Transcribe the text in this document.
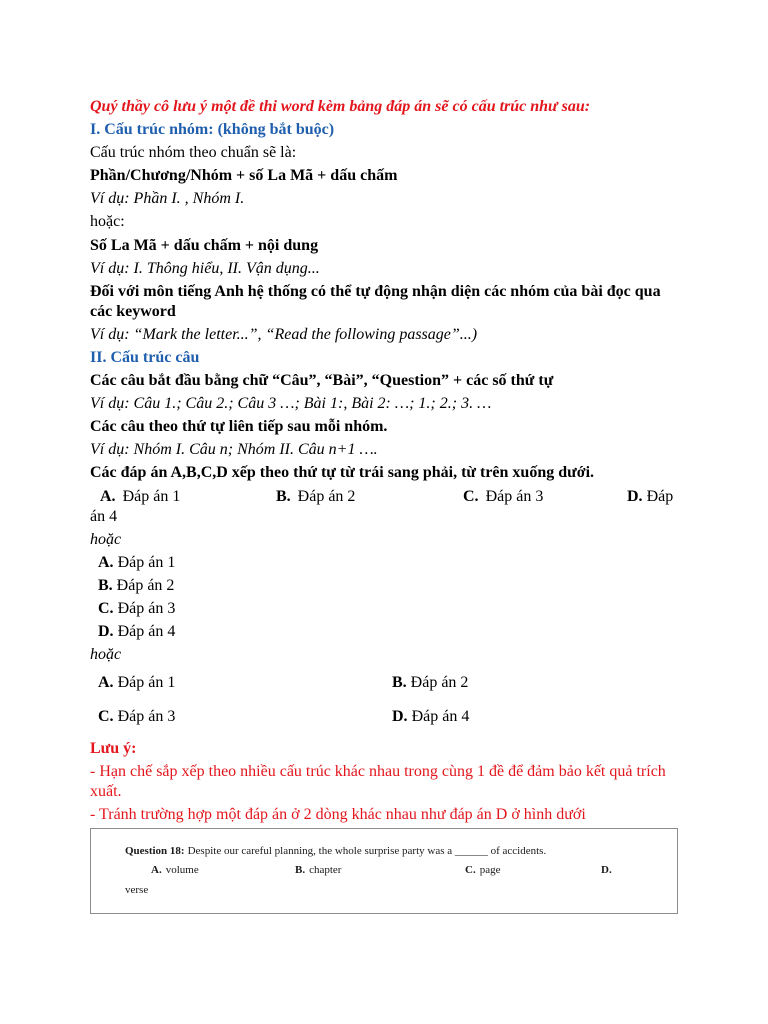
Quý thầy cô lưu ý một đề thi word kèm bảng đáp án sẽ có cấu trúc như sau:

I. Cấu trúc nhóm: (không bắt buộc)

Cấu trúc nhóm theo chuẩn sẽ là:

Phần/Chương/Nhóm + số La Mã + dấu chấm

Ví dụ: Phần I. , Nhóm I.

hoặc:

Số La Mã + dấu chấm + nội dung

Ví dụ: I. Thông hiểu, II. Vận dụng...

Đối với môn tiếng Anh hệ thống có thể tự động nhận diện các nhóm của bài đọc qua các keyword

Ví dụ: “Mark the letter...”, “Read the following passage”...)

II. Cấu trúc câu

Các câu bắt đầu bằng chữ “Câu”, “Bài”, “Question” + các số thứ tự

Ví dụ: Câu 1.; Câu 2.; Câu 3 …; Bài 1:, Bài 2: …; 1.; 2.; 3. …

Các câu theo thứ tự liên tiếp sau mỗi nhóm.

Ví dụ: Nhóm I. Câu n; Nhóm II. Câu n+1 ….

Các đáp án A,B,C,D xếp theo thứ tự từ trái sang phải, từ trên xuống dưới.

A. Đáp án 1	B. Đáp án 2	C. Đáp án 3	D. Đáp án 4

hoặc

A. Đáp án 1

B. Đáp án 2

C. Đáp án 3

D. Đáp án 4

hoặc

A. Đáp án 1	B. Đáp án 2
C. Đáp án 3	D. Đáp án 4

Lưu ý:

- Hạn chế sắp xếp theo nhiều cấu trúc khác nhau trong cùng 1 đề để đảm bảo kết quả trích xuất.

- Tránh trường hợp một đáp án ở 2 dòng khác nhau như đáp án D ở hình dưới

Question 18: Despite our careful planning, the whole surprise party was a ______ of accidents.
A. volume	B. chapter	C. page	D.
verse
